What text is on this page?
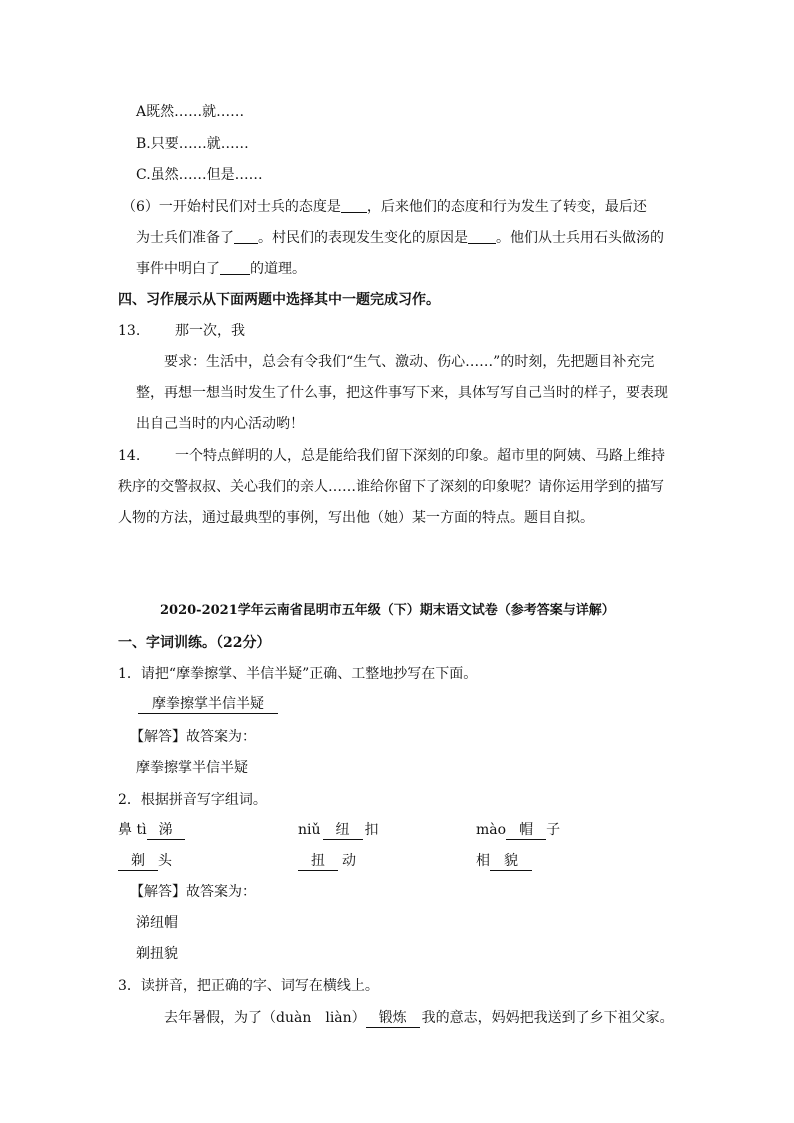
A既然……就……
B.只要……就……
C.虽然……但是……
（6）一开始村民们对士兵的态度是 ，后来他们的态度和行为发生了转变，最后还
为士兵们准备了 。村民们的表现发生变化的原因是 。他们从士兵用石头做汤的
事件中明白了 的道理。
四、习作展示从下面两题中选择其中一题完成习作。
13. 那一次，我
要求：生活中，总会有令我们“生气、激动、伤心……”的时刻，先把题目补充完
整，再想一想当时发生了什么事，把这件事写下来，具体写写自己当时的样子，要表现
出自己当时的内心活动哟！
14. 一个特点鲜明的人，总是能给我们留下深刻的印象。超市里的阿姨、马路上维持
秩序的交警叔叔、关心我们的亲人……谁给你留下了深刻的印象呢？请你运用学到的描写
人物的方法，通过最典型的事例，写出他（她）某一方面的特点。题目自拟。
2020-2021学年云南省昆明市五年级（下）期末语文试卷（参考答案与详解）
一、字词训练。（22分）
1．请把“摩拳擦掌、半信半疑”正确、工整地抄写在下面。
摩拳擦掌半信半疑
【解答】故答案为：
摩拳擦掌半信半疑
2．根据拼音写字组词。
鼻 tì 涕	niǔ 纽 扣	mào 帽 子
剃 头	扭 动	相 貌
【解答】故答案为：
涕纽帽
剃扭貌
3．读拼音，把正确的字、词写在横线上。
去年暑假，为了（duàn　liàn） 锻炼 我的意志，妈妈把我送到了乡下祖父家。
